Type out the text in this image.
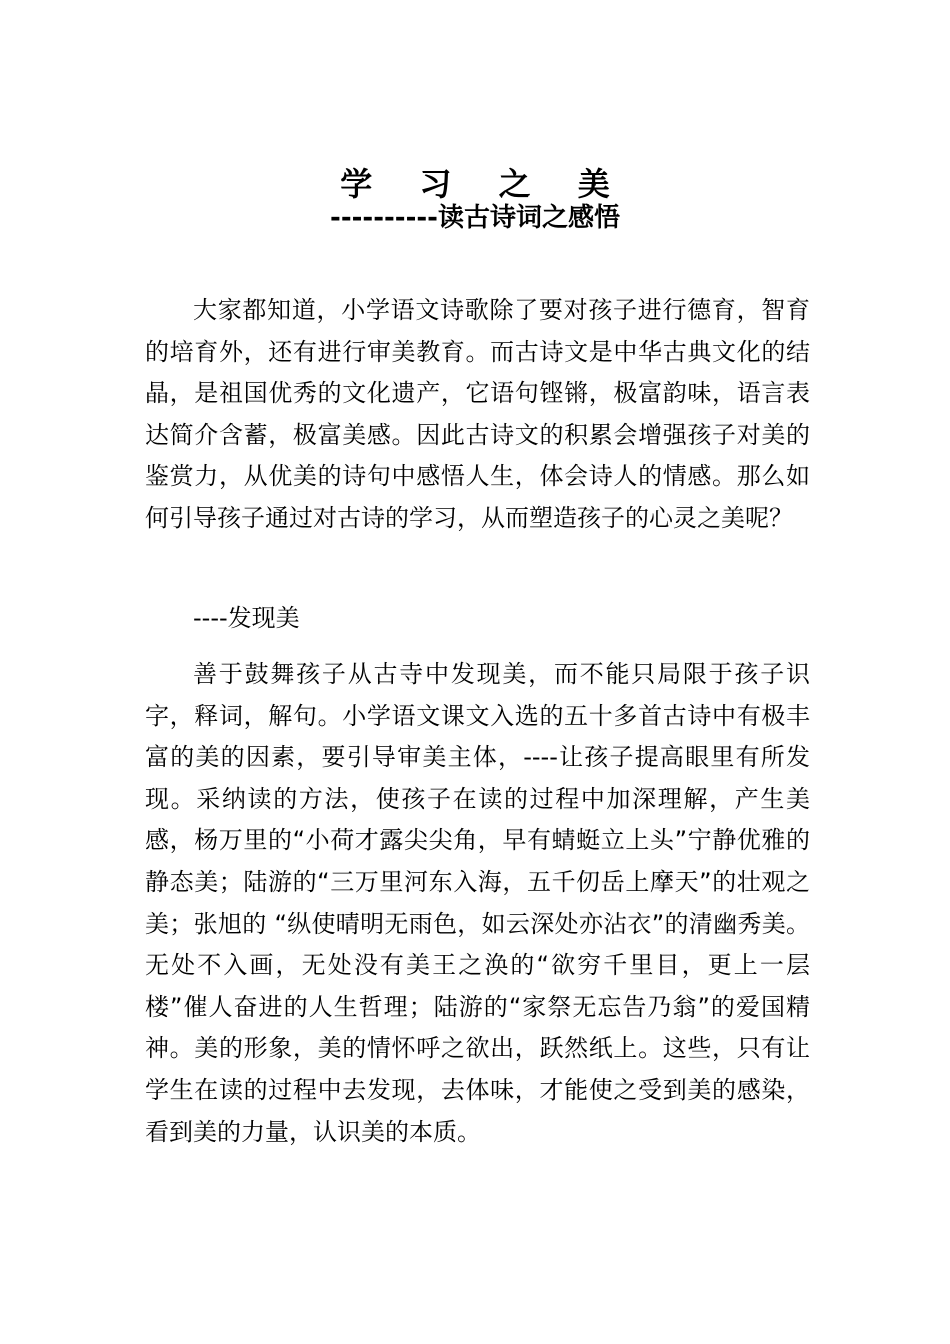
学 习 之 美
----------读古诗词之感悟

大家都知道，小学语文诗歌除了要对孩子进行德育，智育的培育外，还有进行审美教育。而古诗文是中华古典文化的结晶，是祖国优秀的文化遗产，它语句铿锵，极富韵味，语言表达简介含蓄，极富美感。因此古诗文的积累会增强孩子对美的鉴赏力，从优美的诗句中感悟人生，体会诗人的情感。那么如何引导孩子通过对古诗的学习，从而塑造孩子的心灵之美呢？

----发现美

善于鼓舞孩子从古寺中发现美，而不能只局限于孩子识字，释词，解句。小学语文课文入选的五十多首古诗中有极丰富的美的因素，要引导审美主体，----让孩子提高眼里有所发现。采纳读的方法，使孩子在读的过程中加深理解，产生美感，杨万里的“小荷才露尖尖角，早有蜻蜓立上头”宁静优雅的静态美；陆游的“三万里河东入海，五千仞岳上摩天”的壮观之美；张旭的 “纵使晴明无雨色，如云深处亦沾衣”的清幽秀美。无处不入画，无处没有美王之涣的“欲穷千里目，更上一层楼”催人奋进的人生哲理；陆游的“家祭无忘告乃翁”的爱国精神。美的形象，美的情怀呼之欲出，跃然纸上。这些，只有让学生在读的过程中去发现，去体味，才能使之受到美的感染，看到美的力量，认识美的本质。
